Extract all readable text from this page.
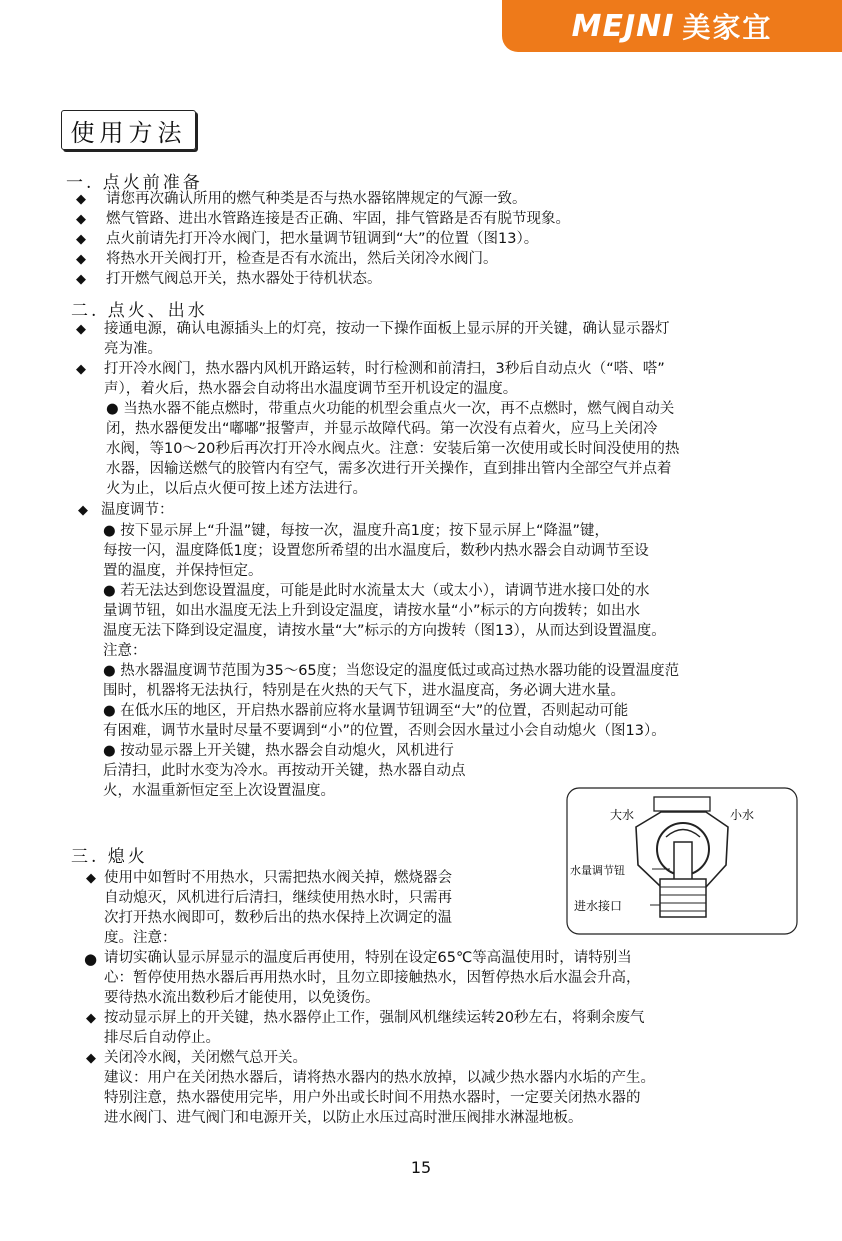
MEJNI 美家宜
使用方法
一. 点火前准备
◆ 请您再次确认所用的燃气种类是否与热水器铭牌规定的气源一致。
◆ 燃气管路、进出水管路连接是否正确、牢固，排气管路是否有脱节现象。
◆ 点火前请先打开冷水阀门，把水量调节钮调到“大”的位置（图13）。
◆ 将热水开关阀打开，检查是否有水流出，然后关闭冷水阀门。
◆ 打开燃气阀总开关，热水器处于待机状态。
二. 点火、出水
◆ 接通电源，确认电源插头上的灯亮，按动一下操作面板上显示屏的开关键，确认显示器灯
亮为准。
◆ 打开冷水阀门，热水器内风机开路运转，时行检测和前清扫，3秒后自动点火（“嗒、嗒”
声），着火后，热水器会自动将出水温度调节至开机设定的温度。
● 当热水器不能点燃时，带重点火功能的机型会重点火一次，再不点燃时，燃气阀自动关
闭，热水器便发出“嘟嘟”报警声，并显示故障代码。第一次没有点着火，应马上关闭冷
水阀，等10～20秒后再次打开冷水阀点火。注意：安装后第一次使用或长时间没使用的热
水器，因输送燃气的胶管内有空气，需多次进行开关操作，直到排出管内全部空气并点着
火为止，以后点火便可按上述方法进行。
◆ 温度调节：
● 按下显示屏上“升温”键，每按一次，温度升高1度；按下显示屏上“降温”键，
每按一闪，温度降低1度；设置您所希望的出水温度后，数秒内热水器会自动调节至设
置的温度，并保持恒定。
● 若无法达到您设置温度，可能是此时水流量太大（或太小），请调节进水接口处的水
量调节钮，如出水温度无法上升到设定温度，请按水量“小”标示的方向拨转；如出水
温度无法下降到设定温度，请按水量“大”标示的方向拨转（图13），从而达到设置温度。
注意：
● 热水器温度调节范围为35～65度；当您设定的温度低过或高过热水器功能的设置温度范
围时，机器将无法执行，特别是在火热的天气下，进水温度高，务必调大进水量。
● 在低水压的地区，开启热水器前应将水量调节钮调至“大”的位置，否则起动可能
有困难，调节水量时尽量不要调到“小”的位置，否则会因水量过小会自动熄火（图13）。
● 按动显示器上开关键，热水器会自动熄火，风机进行
后清扫，此时水变为冷水。再按动开关键，热水器自动点
火，水温重新恒定至上次设置温度。
三. 熄火
◆ 使用中如暂时不用热水，只需把热水阀关掉，燃烧器会
自动熄灭，风机进行后清扫，继续使用热水时，只需再
次打开热水阀即可，数秒后出的热水保持上次调定的温
度。注意：
● 请切实确认显示屏显示的温度后再使用，特别在设定65℃等高温使用时，请特别当
心：暂停使用热水器后再用热水时，且勿立即接触热水，因暂停热水后水温会升高，
要待热水流出数秒后才能使用，以免烫伤。
◆ 按动显示屏上的开关键，热水器停止工作，强制风机继续运转20秒左右，将剩余废气
排尽后自动停止。
◆ 关闭冷水阀，关闭燃气总开关。
建议：用户在关闭热水器后，请将热水器内的热水放掉，以减少热水器内水垢的产生。
特别注意，热水器使用完毕，用户外出或长时间不用热水器时，一定要关闭热水器的
进水阀门、进气阀门和电源开关，以防止水压过高时泄压阀排水淋湿地板。
大水	小水
水量调节钮
进水接口
15
